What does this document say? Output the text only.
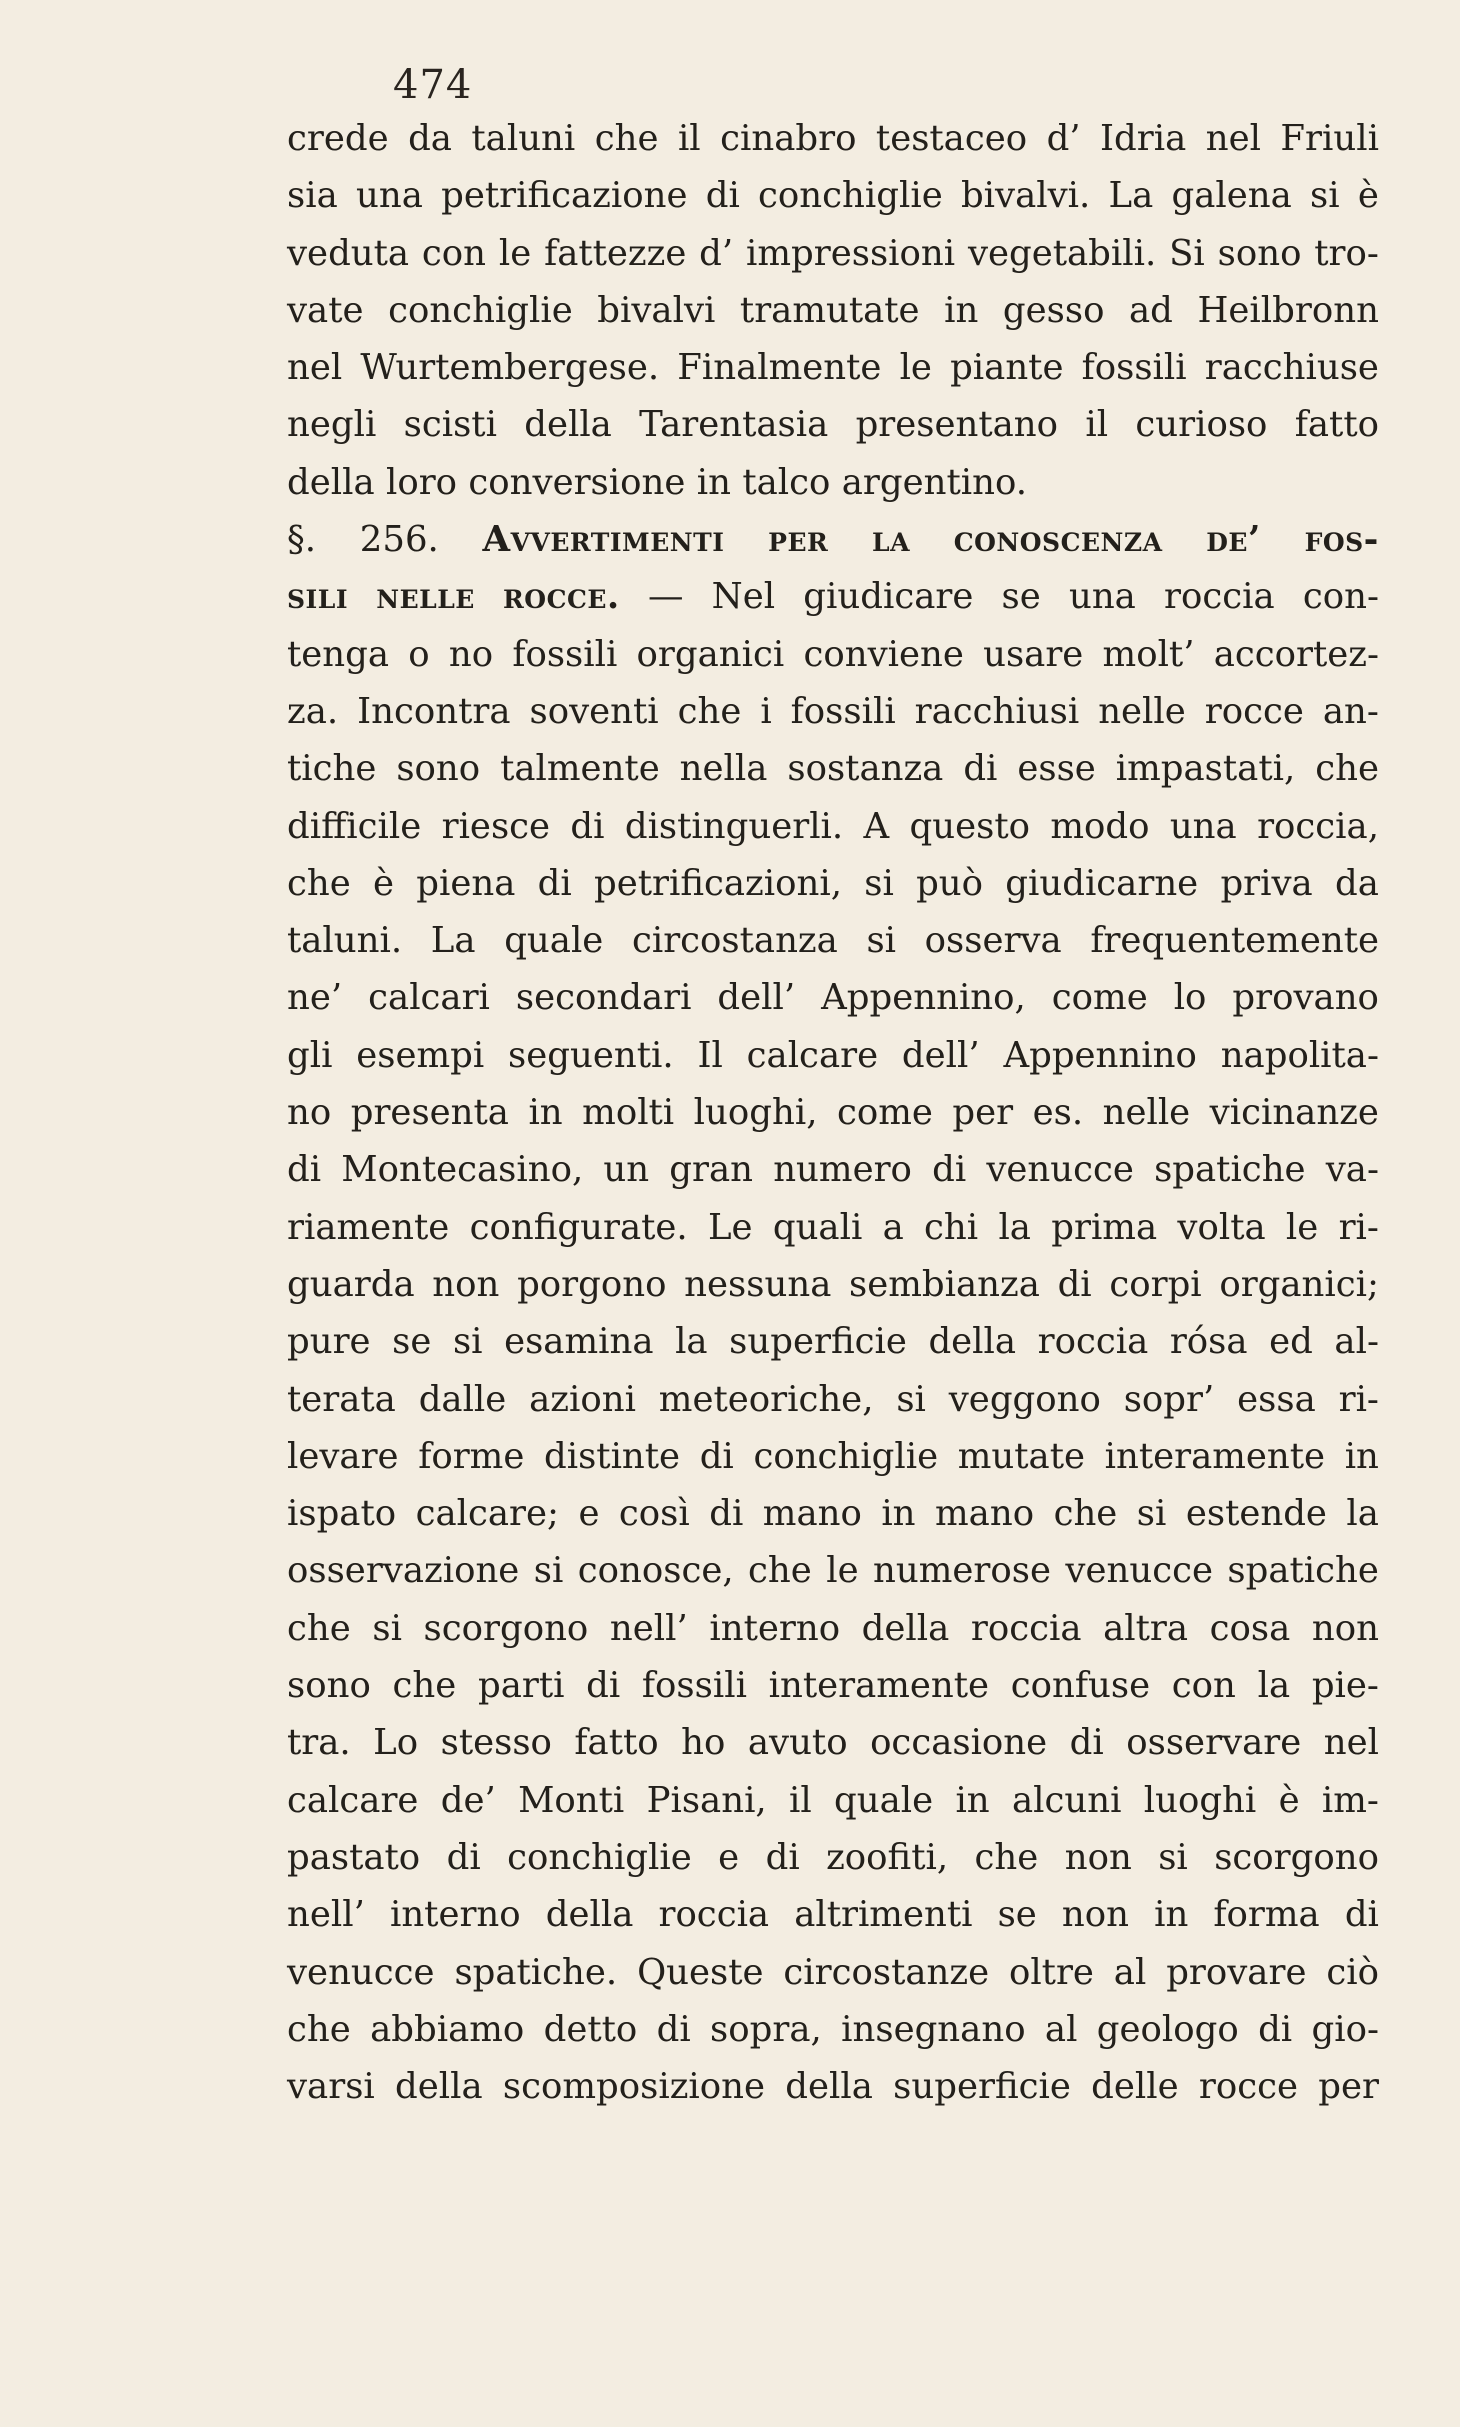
474
crede da taluni che il cinabro testaceo d’ Idria nel Friuli
sia una petrificazione di conchiglie bivalvi. La galena si è
veduta con le fattezze d’ impressioni vegetabili. Si sono tro-
vate conchiglie bivalvi tramutate in gesso ad Heilbronn
nel Wurtembergese. Finalmente le piante fossili racchiuse
negli scisti della Tarentasia presentano il curioso fatto
della loro conversione in talco argentino.
§. 256. Avvertimenti per la conoscenza de’ fos-
sili nelle rocce. — Nel giudicare se una roccia con-
tenga o no fossili organici conviene usare molt’ accortez-
za. Incontra soventi che i fossili racchiusi nelle rocce an-
tiche sono talmente nella sostanza di esse impastati, che
difficile riesce di distinguerli. A questo modo una roccia,
che è piena di petrificazioni, si può giudicarne priva da
taluni. La quale circostanza si osserva frequentemente
ne’ calcari secondari dell’ Appennino, come lo provano
gli esempi seguenti. Il calcare dell’ Appennino napolita-
no presenta in molti luoghi, come per es. nelle vicinanze
di Montecasino, un gran numero di venucce spatiche va-
riamente configurate. Le quali a chi la prima volta le ri-
guarda non porgono nessuna sembianza di corpi organici;
pure se si esamina la superficie della roccia rósa ed al-
terata dalle azioni meteoriche, si veggono sopr’ essa ri-
levare forme distinte di conchiglie mutate interamente in
ispato calcare; e così di mano in mano che si estende la
osservazione si conosce, che le numerose venucce spatiche
che si scorgono nell’ interno della roccia altra cosa non
sono che parti di fossili interamente confuse con la pie-
tra. Lo stesso fatto ho avuto occasione di osservare nel
calcare de’ Monti Pisani, il quale in alcuni luoghi è im-
pastato di conchiglie e di zoofiti, che non si scorgono
nell’ interno della roccia altrimenti se non in forma di
venucce spatiche. Queste circostanze oltre al provare ciò
che abbiamo detto di sopra, insegnano al geologo di gio-
varsi della scomposizione della superficie delle rocce per
